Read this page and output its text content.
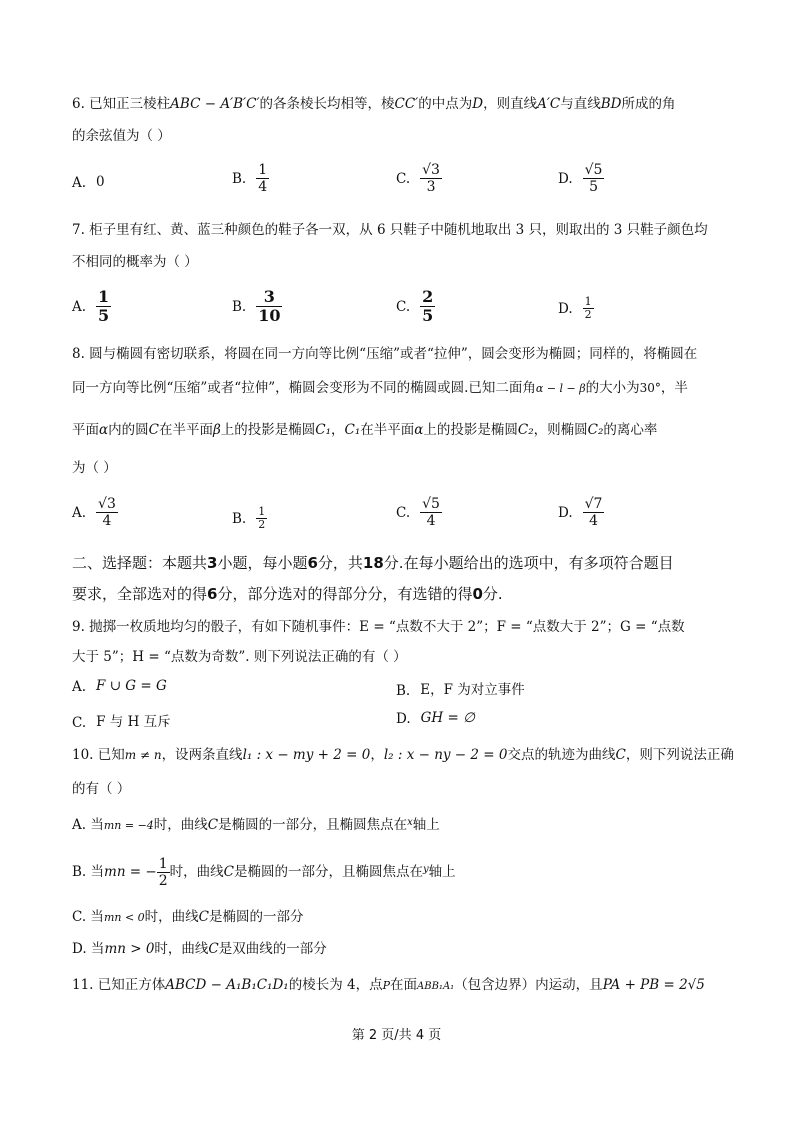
6. 已知正三棱柱ABC − A′B′C′的各条棱长均相等，棱CC′的中点为D，则直线A′C与直线BD所成的角
的余弦值为（ ）
A. 0	B. $\frac{1}{4}$	C. $\frac{√3}{3}$	D. $\frac{√5}{5}$
7. 柜子里有红、黄、蓝三种颜色的鞋子各一双，从 6 只鞋子中随机地取出 3 只，则取出的 3 只鞋子颜色均
不相同的概率为（ ）
A. $\frac{1}{5}$	B. $\frac{3}{10}$	C. $\frac{2}{5}$	D. $\frac{1}{2}$
8. 圆与椭圆有密切联系，将圆在同一方向等比例“压缩”或者“拉伸”，圆会变形为椭圆；同样的，将椭圆在
同一方向等比例“压缩”或者“拉伸”，椭圆会变形为不同的椭圆或圆.已知二面角α − l − β的大小为30°，半
平面α内的圆C在半平面β上的投影是椭圆C₁，C₁在半平面α上的投影是椭圆C₂，则椭圆C₂的离心率
为（ ）
A. $\frac{√3}{4}$	B. $\frac{1}{2}$	C. $\frac{√5}{4}$	D. $\frac{√7}{4}$
二、选择题：本题共3小题，每小题6分，共18分.在每小题给出的选项中，有多项符合题目
要求，全部选对的得6分，部分选对的得部分分，有选错的得0分.
9. 抛掷一枚质地均匀的骰子，有如下随机事件：E = “点数不大于 2”；F = “点数大于 2”；G = “点数
大于 5”；H = “点数为奇数”. 则下列说法正确的有（ ）
A. F ∪ G = G	B. E，F 为对立事件
C. F 与 H 互斥	D. GH = ∅
10. 已知m ≠ n，设两条直线l₁ : x − my + 2 = 0，l₂ : x − ny − 2 = 0交点的轨迹为曲线C，则下列说法正确
的有（ ）
A. 当mn = −4时，曲线C是椭圆的一部分，且椭圆焦点在$^x$轴上
B. 当mn = − $\frac{1}{2}$ 时，曲线C是椭圆的一部分，且椭圆焦点在$^y$轴上
C. 当mn < 0时，曲线C是椭圆的一部分
D. 当mn > 0时，曲线C是双曲线的一部分
11. 已知正方体ABCD − A₁B₁C₁D₁的棱长为 4，点P在面ABB₁A₁（包含边界）内运动，且PA + PB = 2√5
第 2 页/共 4 页
